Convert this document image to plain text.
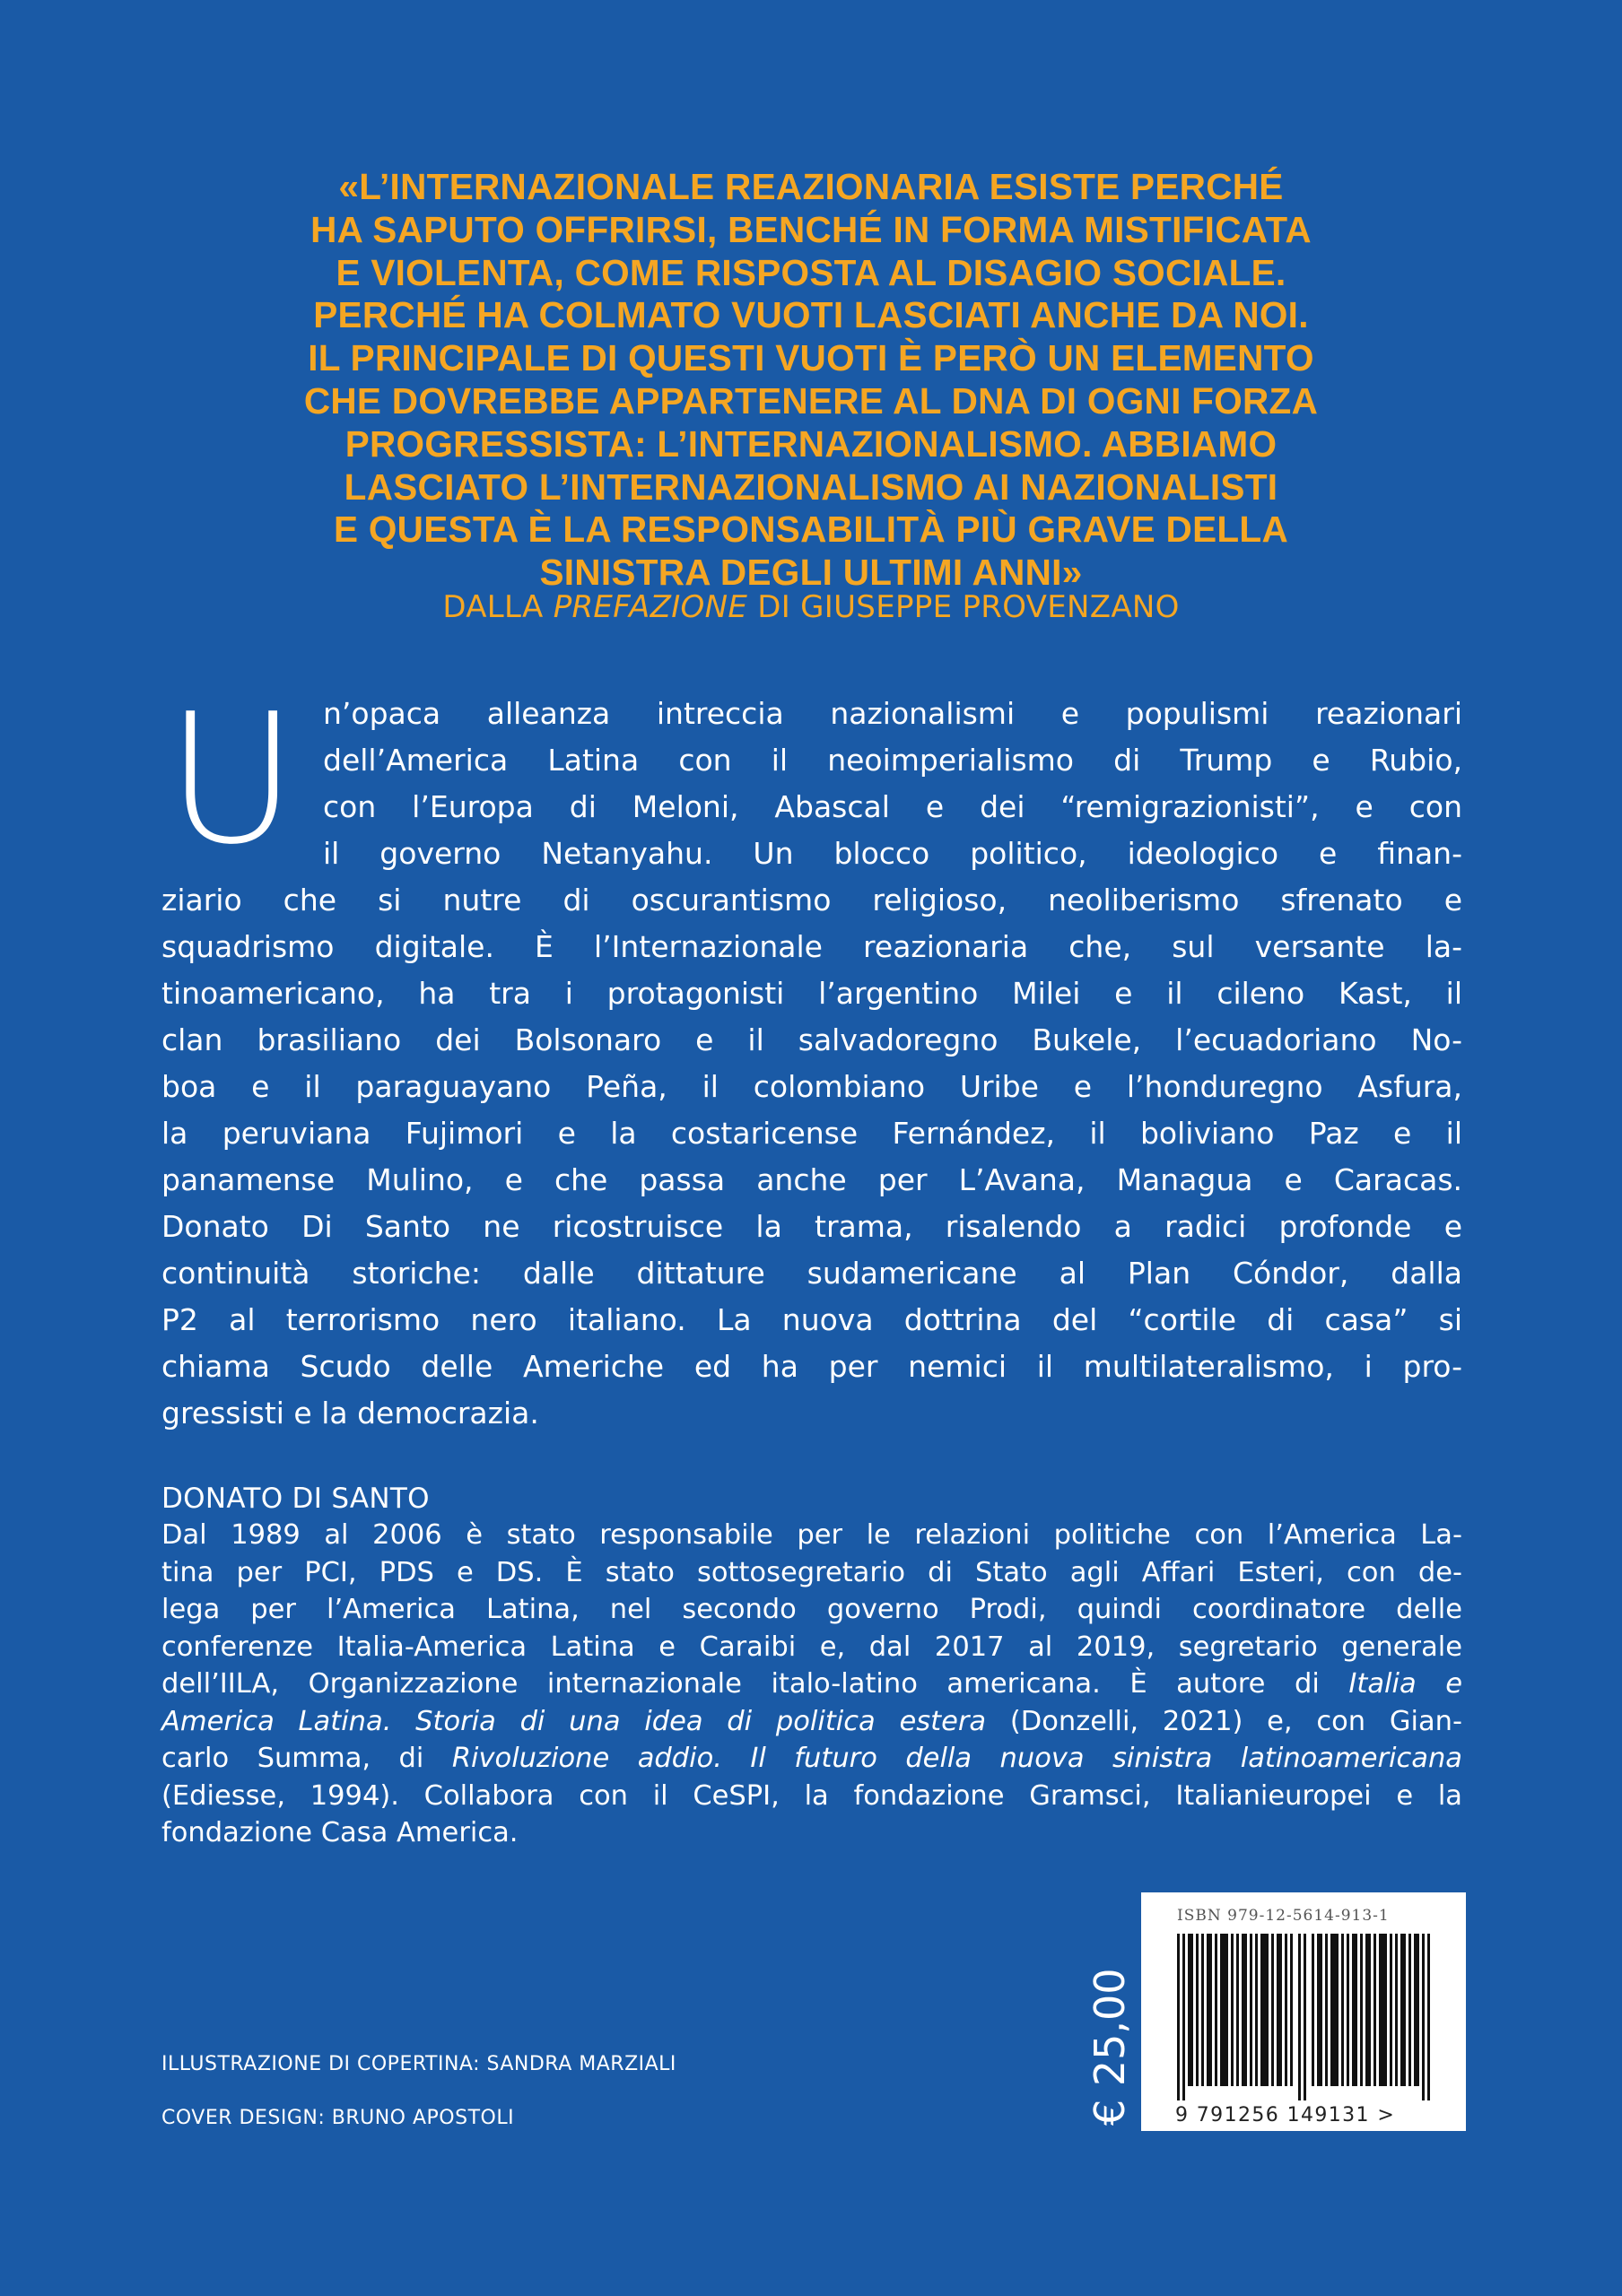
«L’INTERNAZIONALE REAZIONARIA ESISTE PERCHÉ
HA SAPUTO OFFRIRSI, BENCHÉ IN FORMA MISTIFICATA
E VIOLENTA, COME RISPOSTA AL DISAGIO SOCIALE.
PERCHÉ HA COLMATO VUOTI LASCIATI ANCHE DA NOI.
IL PRINCIPALE DI QUESTI VUOTI È PERÒ UN ELEMENTO
CHE DOVREBBE APPARTENERE AL DNA DI OGNI FORZA
PROGRESSISTA: L’INTERNAZIONALISMO. ABBIAMO
LASCIATO L’INTERNAZIONALISMO AI NAZIONALISTI
E QUESTA È LA RESPONSABILITÀ PIÙ GRAVE DELLA
SINISTRA DEGLI ULTIMI ANNI»
DALLA PREFAZIONE DI GIUSEPPE PROVENZANO
U n’opaca alleanza intreccia nazionalismi e populismi reazionari
dell’America Latina con il neoimperialismo di Trump e Rubio,
con l’Europa di Meloni, Abascal e dei “remigrazionisti”, e con
il governo Netanyahu. Un blocco politico, ideologico e finan-
ziario che si nutre di oscurantismo religioso, neoliberismo sfrenato e
squadrismo digitale. È l’Internazionale reazionaria che, sul versante la-
tinoamericano, ha tra i protagonisti l’argentino Milei e il cileno Kast, il
clan brasiliano dei Bolsonaro e il salvadoregno Bukele, l’ecuadoriano No-
boa e il paraguayano Peña, il colombiano Uribe e l’honduregno Asfura,
la peruviana Fujimori e la costaricense Fernández, il boliviano Paz e il
panamense Mulino, e che passa anche per L’Avana, Managua e Caracas.
Donato Di Santo ne ricostruisce la trama, risalendo a radici profonde e
continuità storiche: dalle dittature sudamericane al Plan Cóndor, dalla
P2 al terrorismo nero italiano. La nuova dottrina del “cortile di casa” si
chiama Scudo delle Americhe ed ha per nemici il multilateralismo, i pro-
gressisti e la democrazia.
DONATO DI SANTO
Dal 1989 al 2006 è stato responsabile per le relazioni politiche con l’America La-
tina per PCI, PDS e DS. È stato sottosegretario di Stato agli Affari Esteri, con de-
lega per l’America Latina, nel secondo governo Prodi, quindi coordinatore delle
conferenze Italia-America Latina e Caraibi e, dal 2017 al 2019, segretario generale
dell’IILA, Organizzazione internazionale italo-latino americana. È autore di Italia e
America Latina. Storia di una idea di politica estera (Donzelli, 2021) e, con Gian-
carlo Summa, di Rivoluzione addio. Il futuro della nuova sinistra latinoamericana
(Ediesse, 1994). Collabora con il CeSPI, la fondazione Gramsci, Italianieuropei e la
fondazione Casa America.
ILLUSTRAZIONE DI COPERTINA: SANDRA MARZIALI
COVER DESIGN: BRUNO APOSTOLI	€ 25,00
ISBN 979-12-5614-913-1
9 791256 149131 >
